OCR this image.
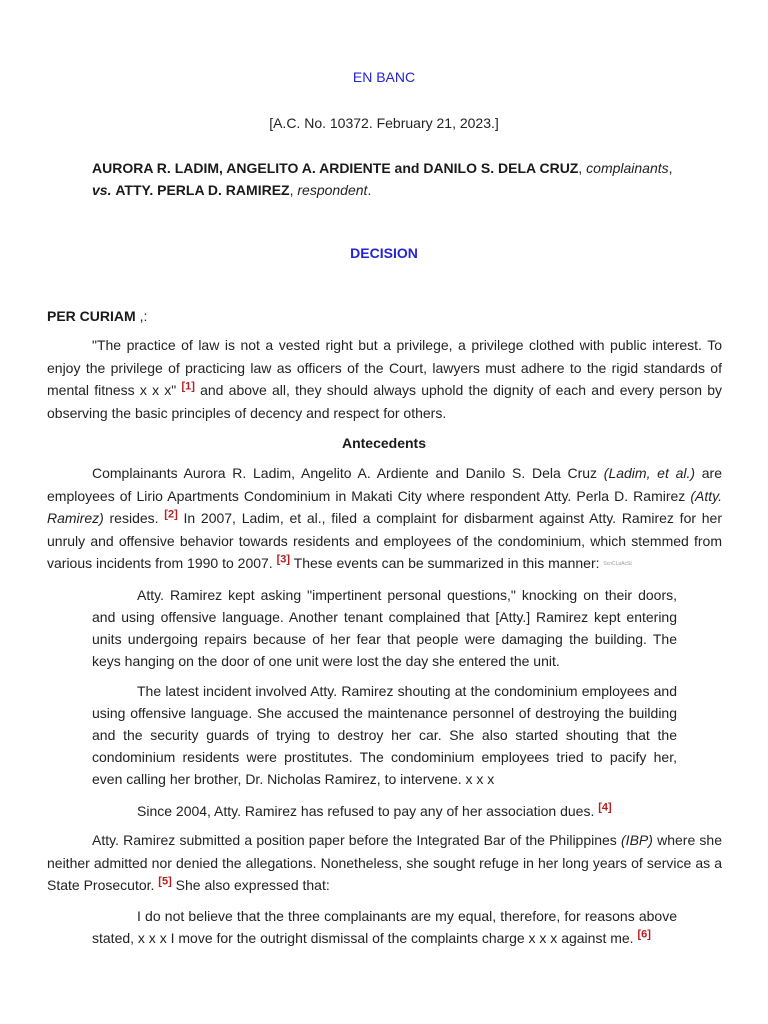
EN BANC

[A.C. No. 10372. February 21, 2023.]

AURORA R. LADIM, ANGELITO A. ARDIENTE and DANILO S. DELA CRUZ, complainants, vs. ATTY. PERLA D. RAMIREZ, respondent.

DECISION

PER CURIAM ,:

"The practice of law is not a vested right but a privilege, a privilege clothed with public interest. To enjoy the privilege of practicing law as officers of the Court, lawyers must adhere to the rigid standards of mental fitness x x x" [1] and above all, they should always uphold the dignity of each and every person by observing the basic principles of decency and respect for others.

Antecedents

Complainants Aurora R. Ladim, Angelito A. Ardiente and Danilo S. Dela Cruz (Ladim, et al.) are employees of Lirio Apartments Condominium in Makati City where respondent Atty. Perla D. Ramirez (Atty. Ramirez) resides. [2] In 2007, Ladim, et al., filed a complaint for disbarment against Atty. Ramirez for her unruly and offensive behavior towards residents and employees of the condominium, which stemmed from various incidents from 1990 to 2007. [3] These events can be summarized in this manner: ScnCLaAcSt

Atty. Ramirez kept asking "impertinent personal questions," knocking on their doors, and using offensive language. Another tenant complained that [Atty.] Ramirez kept entering units undergoing repairs because of her fear that people were damaging the building. The keys hanging on the door of one unit were lost the day she entered the unit.

The latest incident involved Atty. Ramirez shouting at the condominium employees and using offensive language. She accused the maintenance personnel of destroying the building and the security guards of trying to destroy her car. She also started shouting that the condominium residents were prostitutes. The condominium employees tried to pacify her, even calling her brother, Dr. Nicholas Ramirez, to intervene. x x x

Since 2004, Atty. Ramirez has refused to pay any of her association dues. [4]

Atty. Ramirez submitted a position paper before the Integrated Bar of the Philippines (IBP) where she neither admitted nor denied the allegations. Nonetheless, she sought refuge in her long years of service as a State Prosecutor. [5] She also expressed that:

I do not believe that the three complainants are my equal, therefore, for reasons above stated, x x x I move for the outright dismissal of the complaints charge x x x against me. [6]
